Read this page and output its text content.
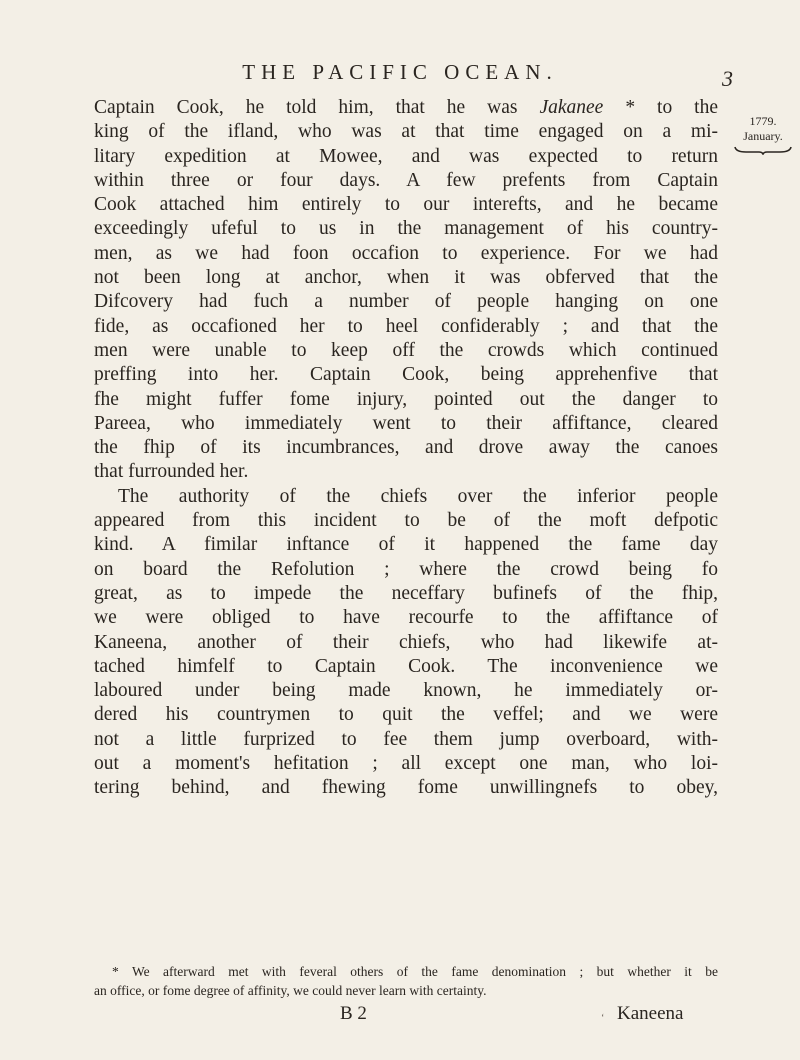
THE PACIFIC OCEAN.	3
1779.
January.
Captain Cook, he told him, that he was Jakanee * to the
king of the ifland, who was at that time engaged on a mi-
litary expedition at Mowee, and was expected to return
within three or four days. A few prefents from Captain
Cook attached him entirely to our interefts, and he became
exceedingly ufeful to us in the management of his country-
men, as we had foon occafion to experience. For we had
not been long at anchor, when it was obferved that the
Difcovery had fuch a number of people hanging on one
fide, as occafioned her to heel confiderably ; and that the
men were unable to keep off the crowds which continued
preffing into her. Captain Cook, being apprehenfive that
fhe might fuffer fome injury, pointed out the danger to
Pareea, who immediately went to their affiftance, cleared
the fhip of its incumbrances, and drove away the canoes
that furrounded her.
The authority of the chiefs over the inferior people
appeared from this incident to be of the moft defpotic
kind. A fimilar inftance of it happened the fame day
on board the Refolution ; where the crowd being fo
great, as to impede the neceffary bufinefs of the fhip,
we were obliged to have recourfe to the affiftance of
Kaneena, another of their chiefs, who had likewife at-
tached himfelf to Captain Cook. The inconvenience we
laboured under being made known, he immediately or-
dered his countrymen to quit the veffel; and we were
not a little furprized to fee them jump overboard, with-
out a moment's hefitation ; all except one man, who loi-
tering behind, and fhewing fome unwillingnefs to obey,
* We afterward met with feveral others of the fame denomination ; but whether it be
an office, or fome degree of affinity, we could never learn with certainty.
B 2	‘ Kaneena
